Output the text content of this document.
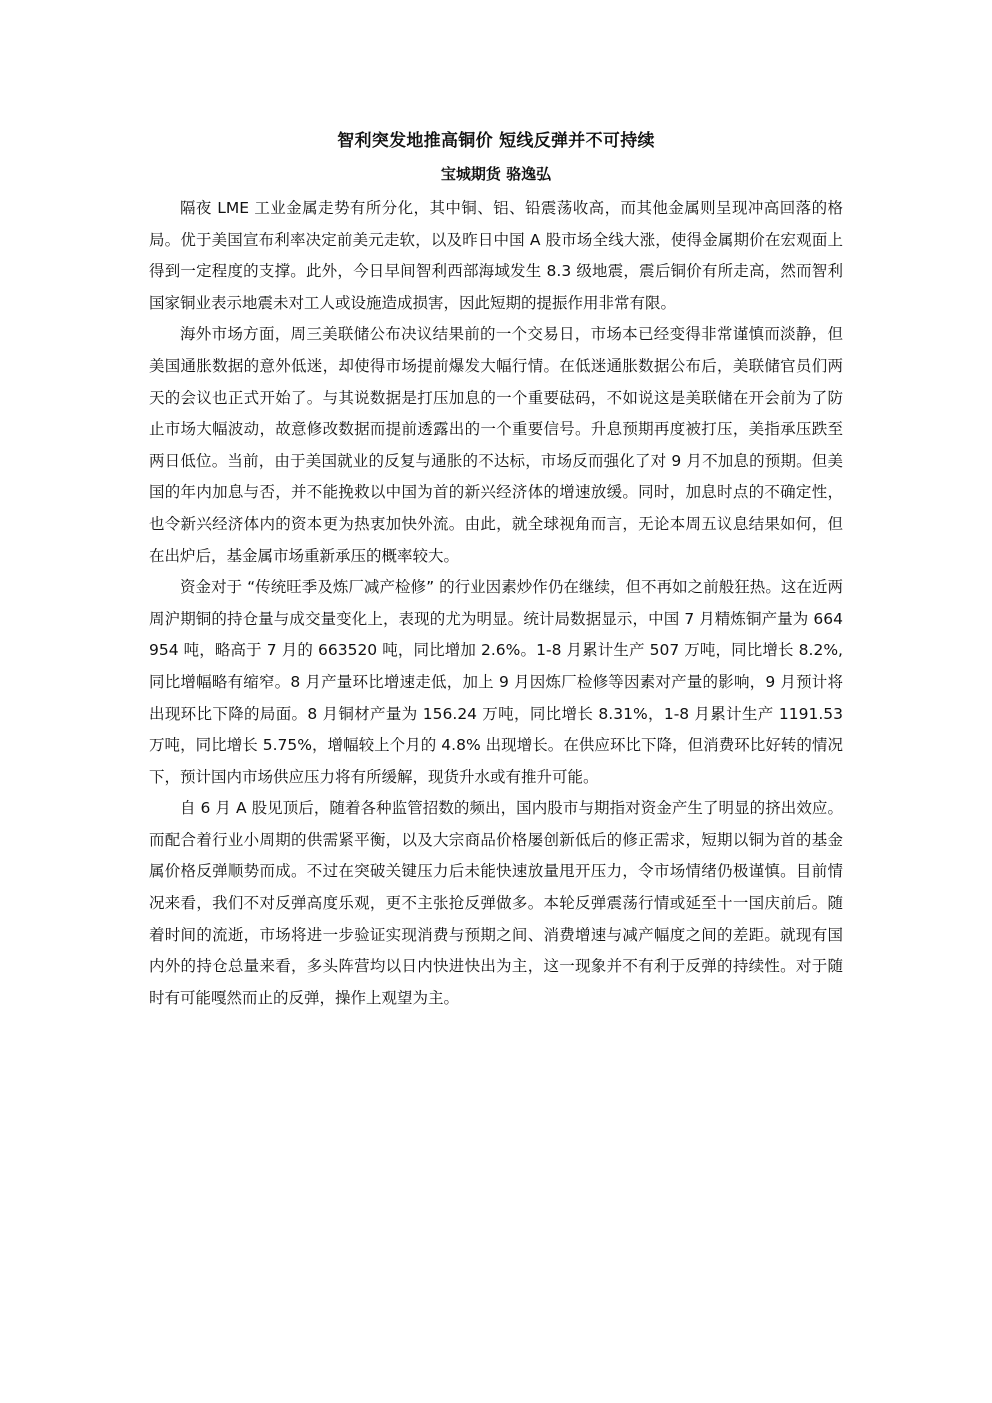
智利突发地推高铜价 短线反弹并不可持续
宝城期货 骆逸弘

隔夜 LME 工业金属走势有所分化，其中铜、铝、铅震荡收高，而其他金属则呈现冲高回落的格局。优于美国宣布利率决定前美元走软，以及昨日中国 A 股市场全线大涨，使得金属期价在宏观面上得到一定程度的支撑。此外，今日早间智利西部海域发生 8.3 级地震，震后铜价有所走高，然而智利国家铜业表示地震未对工人或设施造成损害，因此短期的提振作用非常有限。

海外市场方面，周三美联储公布决议结果前的一个交易日，市场本已经变得非常谨慎而淡静，但美国通胀数据的意外低迷，却使得市场提前爆发大幅行情。在低迷通胀数据公布后，美联储官员们两天的会议也正式开始了。与其说数据是打压加息的一个重要砝码，不如说这是美联储在开会前为了防止市场大幅波动，故意修改数据而提前透露出的一个重要信号。升息预期再度被打压，美指承压跌至两日低位。当前，由于美国就业的反复与通胀的不达标，市场反而强化了对 9 月不加息的预期。但美国的年内加息与否，并不能挽救以中国为首的新兴经济体的增速放缓。同时，加息时点的不确定性，也令新兴经济体内的资本更为热衷加快外流。由此，就全球视角而言，无论本周五议息结果如何，但在出炉后，基金属市场重新承压的概率较大。

资金对于 “传统旺季及炼厂减产检修” 的行业因素炒作仍在继续，但不再如之前般狂热。这在近两周沪期铜的持仓量与成交量变化上，表现的尤为明显。统计局数据显示，中国 7 月精炼铜产量为 664954 吨，略高于 7 月的 663520 吨，同比增加 2.6%。1-8 月累计生产 507 万吨，同比增长 8.2%,同比增幅略有缩窄。8 月产量环比增速走低，加上 9 月因炼厂检修等因素对产量的影响，9 月预计将出现环比下降的局面。8 月铜材产量为 156.24 万吨，同比增长 8.31%，1-8 月累计生产 1191.53 万吨，同比增长 5.75%，增幅较上个月的 4.8% 出现增长。在供应环比下降，但消费环比好转的情况下，预计国内市场供应压力将有所缓解，现货升水或有推升可能。

自 6 月 A 股见顶后，随着各种监管招数的频出，国内股市与期指对资金产生了明显的挤出效应。而配合着行业小周期的供需紧平衡，以及大宗商品价格屡创新低后的修正需求，短期以铜为首的基金属价格反弹顺势而成。不过在突破关键压力后未能快速放量甩开压力，令市场情绪仍极谨慎。目前情况来看，我们不对反弹高度乐观，更不主张抢反弹做多。本轮反弹震荡行情或延至十一国庆前后。随着时间的流逝，市场将进一步验证实现消费与预期之间、消费增速与减产幅度之间的差距。就现有国内外的持仓总量来看，多头阵营均以日内快进快出为主，这一现象并不有利于反弹的持续性。对于随时有可能嘎然而止的反弹，操作上观望为主。
